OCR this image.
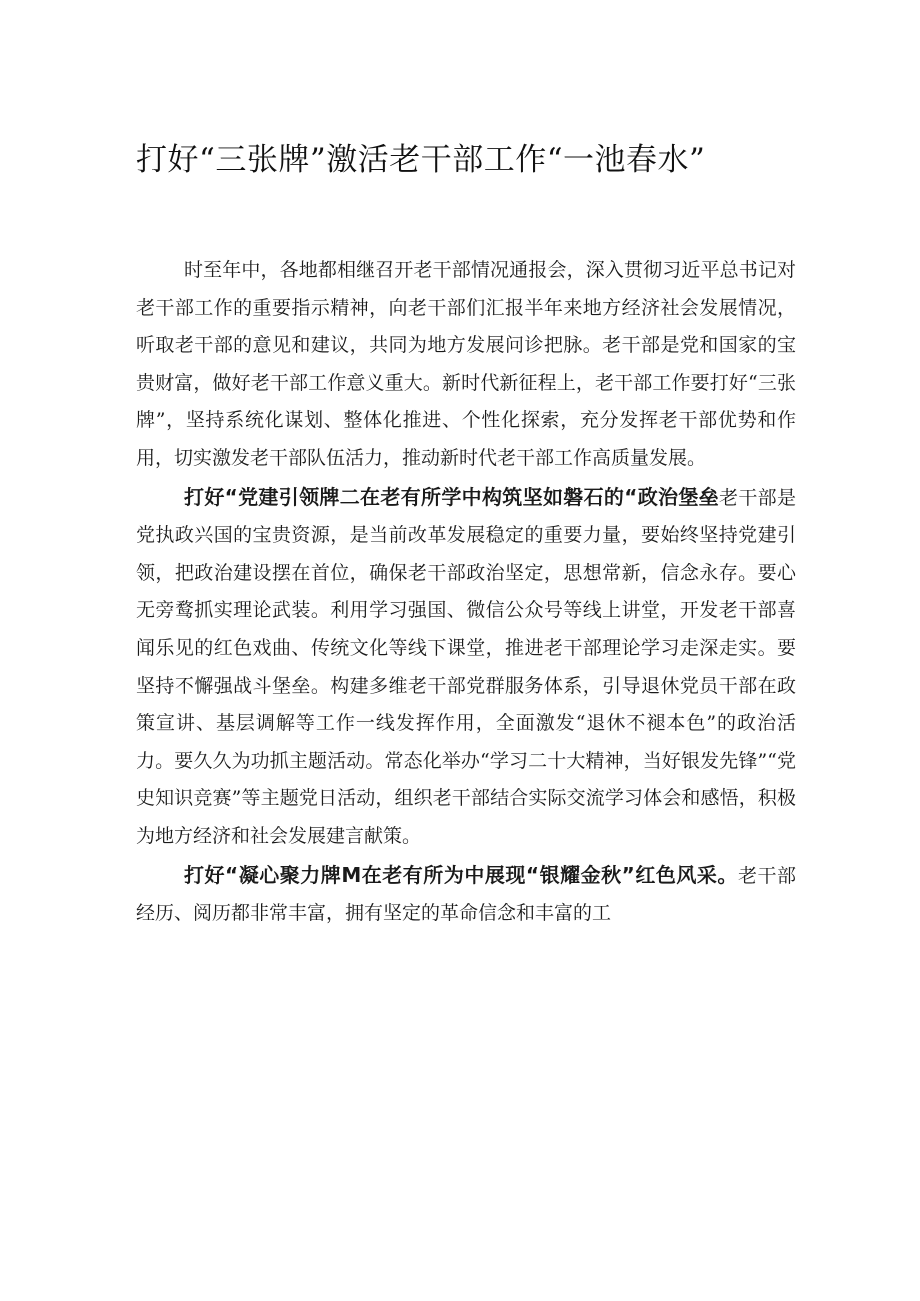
打好“三张牌”激活老干部工作“一池春水”

时至年中，各地都相继召开老干部情况通报会，深入贯彻习近平总书记对老干部工作的重要指示精神，向老干部们汇报半年来地方经济社会发展情况，听取老干部的意见和建议，共同为地方发展问诊把脉。老干部是党和国家的宝贵财富，做好老干部工作意义重大。新时代新征程上，老干部工作要打好“三张牌”，坚持系统化谋划、整体化推进、个性化探索，充分发挥老干部优势和作用，切实激发老干部队伍活力，推动新时代老干部工作高质量发展。

打好“党建引领牌二在老有所学中构筑坚如磐石的“政治堡垒老干部是党执政兴国的宝贵资源，是当前改革发展稳定的重要力量，要始终坚持党建引领，把政治建设摆在首位，确保老干部政治坚定，思想常新，信念永存。要心无旁鹜抓实理论武装。利用学习强国、微信公众号等线上讲堂，开发老干部喜闻乐见的红色戏曲、传统文化等线下课堂，推进老干部理论学习走深走实。要坚持不懈强战斗堡垒。构建多维老干部党群服务体系，引导退休党员干部在政策宣讲、基层调解等工作一线发挥作用，全面激发“退休不褪本色”的政治活力。要久久为功抓主题活动。常态化举办“学习二十大精神，当好银发先锋”“党史知识竞赛”等主题党日活动，组织老干部结合实际交流学习体会和感悟，积极为地方经济和社会发展建言献策。

打好“凝心聚力牌M在老有所为中展现“银耀金秋”红色风采。老干部经历、阅历都非常丰富，拥有坚定的革命信念和丰富的工
